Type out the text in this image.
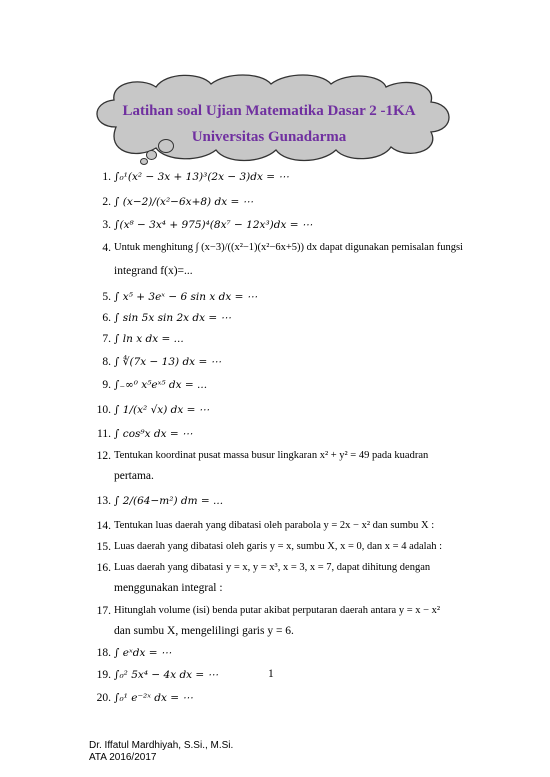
Latihan soal Ujian Matematika Dasar 2 -1KA
Universitas Gunadarma
1. ∫₀¹(x² − 3x + 13)³(2x − 3)dx = ⋯
2. ∫ (x−2)/(x²−6x+8) dx = ⋯
3. ∫(x⁸ − 3x⁴ + 975)⁴(8x⁷ − 12x³)dx = ⋯
4. Untuk menghitung ∫ (x−3)/((x²−1)(x²−6x+5)) dx dapat digunakan pemisalan fungsi
integrand f(x)=...
5. ∫ x⁵ + 3eˣ − 6 sin x dx = ⋯
6. ∫ sin 5x sin 2x dx = ⋯
7. ∫ ln x dx = ...
8. ∫ ∜(7x − 13) dx = ⋯
9. ∫₋∞⁰ x⁵eˣ⁵ dx = ...
10. ∫ 1/(x² √x) dx = ⋯
11. ∫ cos⁹x dx = ⋯
12. Tentukan koordinat pusat massa busur lingkaran x² + y² = 49 pada kuadran
pertama.
13. ∫ 2/(64−m²) dm = ...
14. Tentukan luas daerah yang dibatasi oleh parabola y = 2x − x² dan sumbu X :
15. Luas daerah yang dibatasi oleh garis y = x, sumbu X, x = 0, dan x = 4 adalah :
16. Luas daerah yang dibatasi y = x, y = x³, x = 3, x = 7, dapat dihitung dengan
menggunakan integral :
17. Hitunglah volume (isi) benda putar akibat perputaran daerah antara y = x − x²
dan sumbu X, mengelilingi garis y = 6.
18. ∫ eˣdx = ⋯
19. ∫₀² 5x⁴ − 4x dx = ⋯
20. ∫₀¹ e⁻²ˣ dx = ⋯
1
Dr. Iffatul Mardhiyah, S.Si., M.Si.
ATA 2016/2017
